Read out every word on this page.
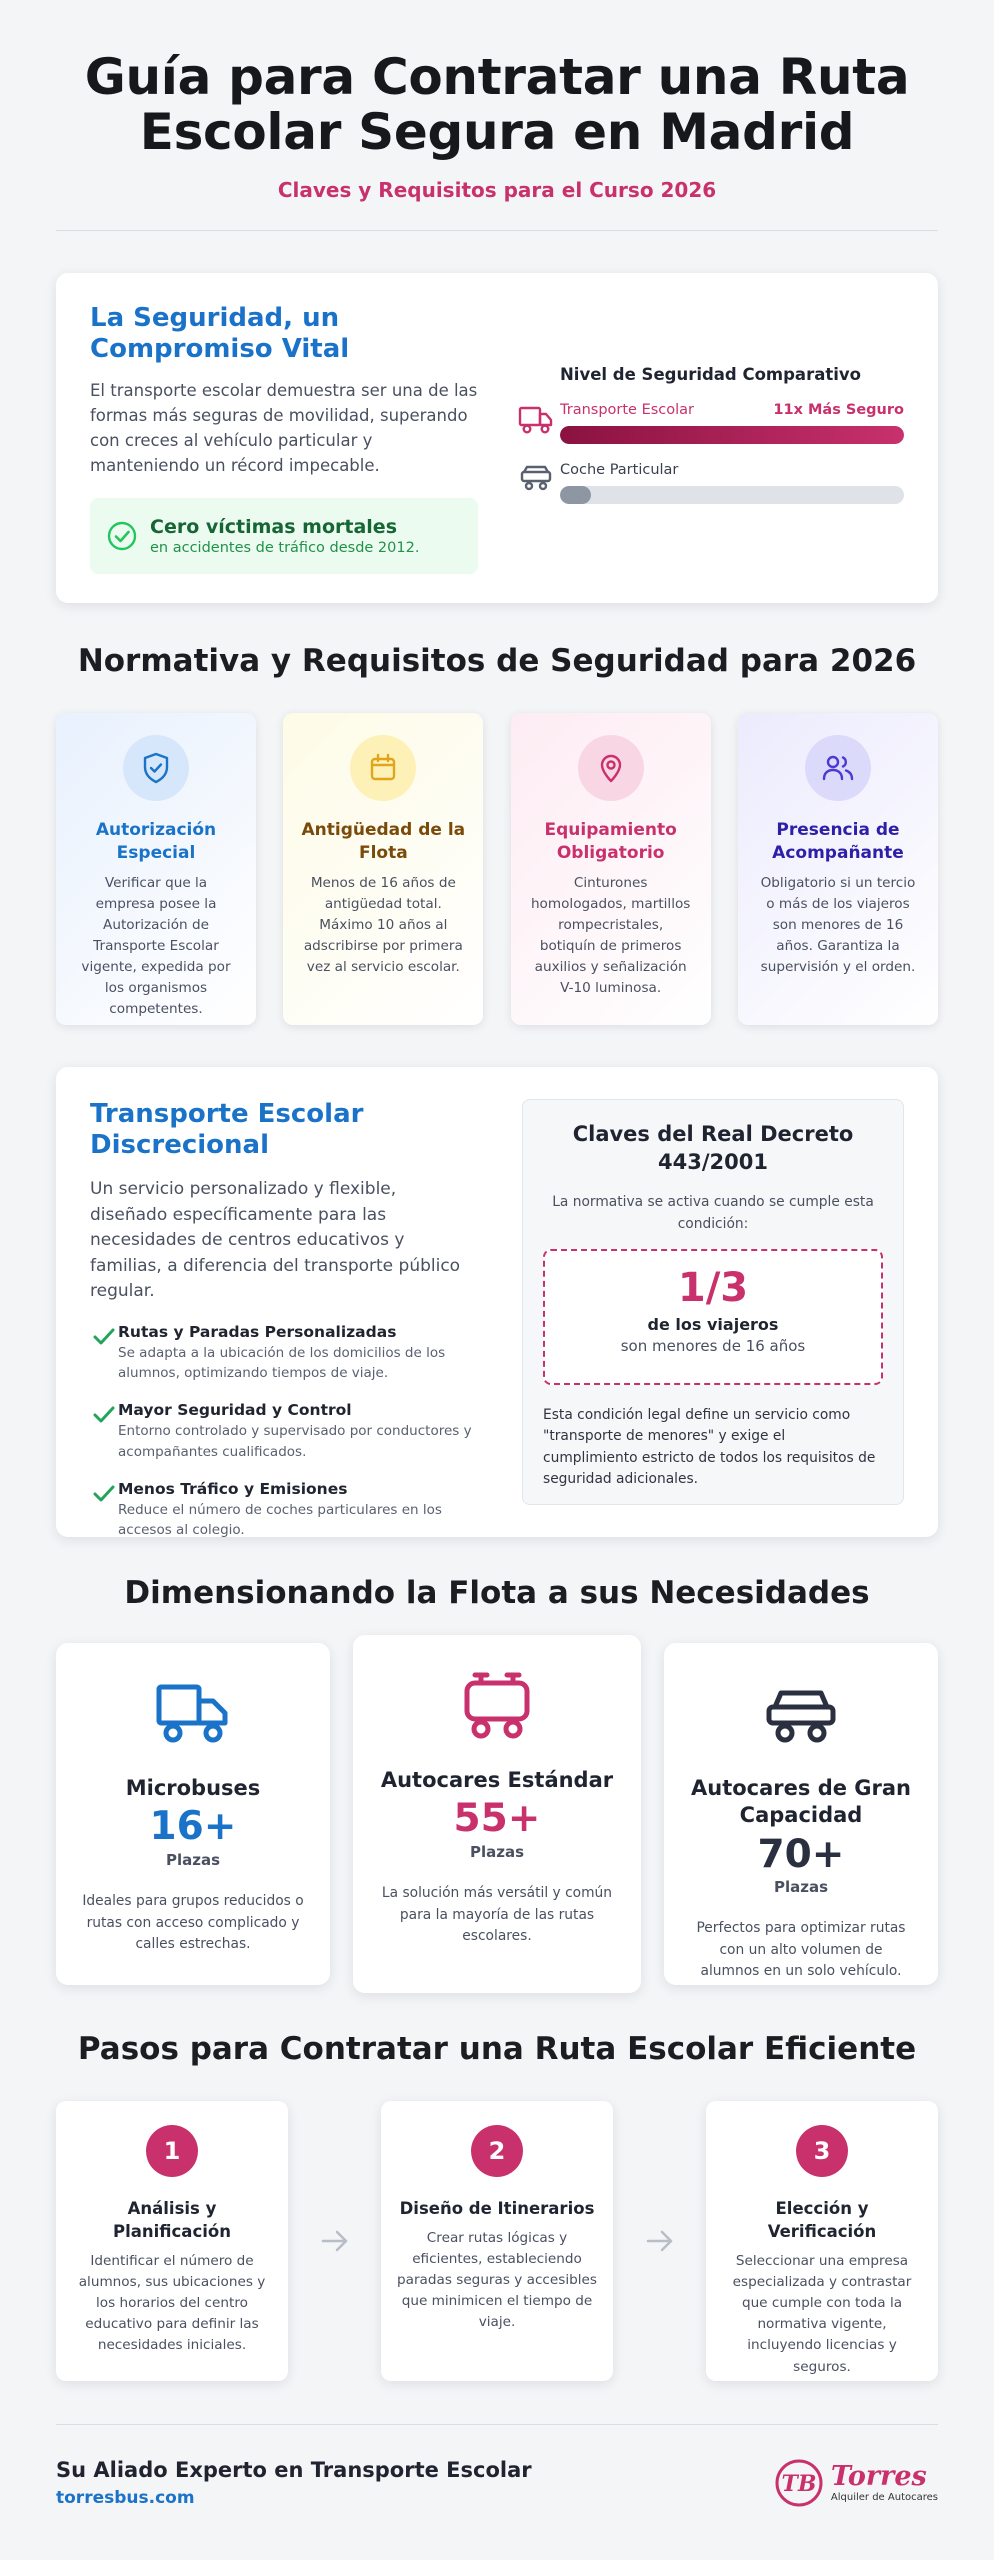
Guía para Contratar una Ruta
Escolar Segura en Madrid
Claves y Requisitos para el Curso 2026
La Seguridad, un
Compromiso Vital

El transporte escolar demuestra ser una de las formas más seguras de movilidad, superando con creces al vehículo particular y manteniendo un récord impecable.

Cero víctimas mortales
en accidentes de tráfico desde 2012.
Nivel de Seguridad Comparativo
Transporte Escolar	11x Más Seguro
Coche Particular
Normativa y Requisitos de Seguridad para 2026
Autorización Especial
Verificar que la empresa posee la Autorización de Transporte Escolar vigente, expedida por los organismos competentes.
Antigüedad de la Flota
Menos de 16 años de antigüedad total. Máximo 10 años al adscribirse por primera vez al servicio escolar.
Equipamiento Obligatorio
Cinturones homologados, martillos rompecristales, botiquín de primeros auxilios y señalización V-10 luminosa.
Presencia de Acompañante
Obligatorio si un tercio o más de los viajeros son menores de 16 años. Garantiza la supervisión y el orden.
Transporte Escolar
Discrecional

Un servicio personalizado y flexible, diseñado específicamente para las necesidades de centros educativos y familias, a diferencia del transporte público regular.

Rutas y Paradas Personalizadas
Se adapta a la ubicación de los domicilios de los alumnos, optimizando tiempos de viaje.
Mayor Seguridad y Control
Entorno controlado y supervisado por conductores y acompañantes cualificados.
Menos Tráfico y Emisiones
Reduce el número de coches particulares en los accesos al colegio.
Claves del Real Decreto 443/2001
La normativa se activa cuando se cumple esta condición:
1/3
de los viajeros
son menores de 16 años
Esta condición legal define un servicio como "transporte de menores" y exige el cumplimiento estricto de todos los requisitos de seguridad adicionales.
Dimensionando la Flota a sus Necesidades
Microbuses
16+
Plazas
Ideales para grupos reducidos o rutas con acceso complicado y calles estrechas.
Autocares Estándar
55+
Plazas
La solución más versátil y común para la mayoría de las rutas escolares.
Autocares de Gran Capacidad
70+
Plazas
Perfectos para optimizar rutas con un alto volumen de alumnos en un solo vehículo.
Pasos para Contratar una Ruta Escolar Eficiente
1
Análisis y Planificación
Identificar el número de alumnos, sus ubicaciones y los horarios del centro educativo para definir las necesidades iniciales.
2
Diseño de Itinerarios
Crear rutas lógicas y eficientes, estableciendo paradas seguras y accesibles que minimicen el tiempo de viaje.
3
Elección y Verificación
Seleccionar una empresa especializada y contrastar que cumple con toda la normativa vigente, incluyendo licencias y seguros.
Su Aliado Experto en Transporte Escolar
torresbus.com
TB Torres
Alquiler de Autocares
